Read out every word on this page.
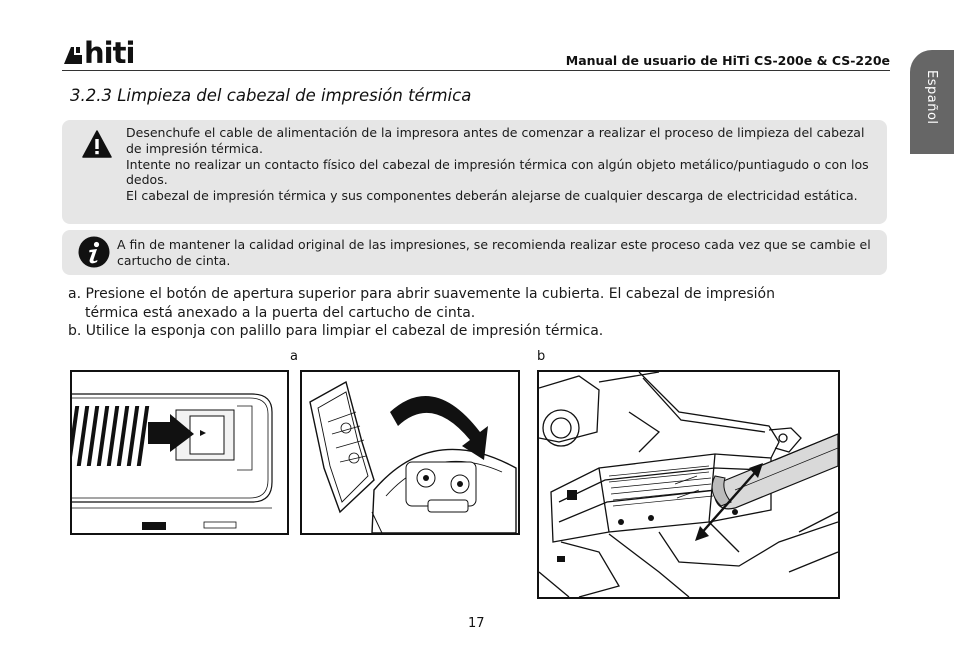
hiti	Manual de usuario de HiTi CS-200e & CS-220e
Español
3.2.3 Limpieza del cabezal de impresión térmica

Desenchufe el cable de alimentación de la impresora antes de comenzar a realizar el proceso de limpieza del cabezal de impresión térmica.

Intente no realizar un contacto físico del cabezal de impresión térmica con algún objeto metálico/puntiagudo o con los dedos.

El cabezal de impresión térmica y sus componentes deberán alejarse de cualquier descarga de electricidad estática.

A fin de mantener la calidad original de las impresiones, se recomienda realizar este proceso cada vez que se cambie el cartucho de cinta.

a. Presione el botón de apertura superior para abrir suavemente la cubierta. El cabezal de impresión

térmica está anexado a la puerta del cartucho de cinta.

b. Utilice la esponja con palillo para limpiar el cabezal de impresión térmica.

a	b
17
